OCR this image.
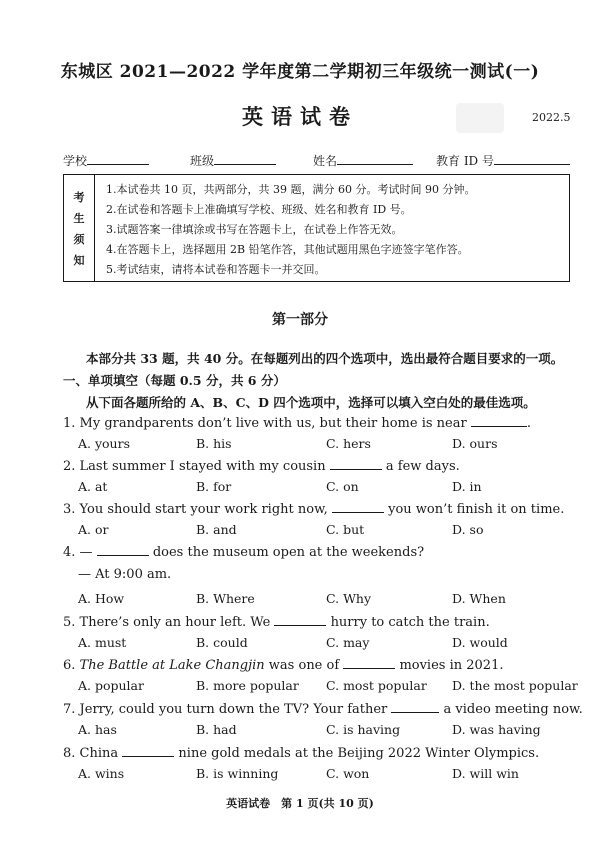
东城区 2021—2022 学年度第二学期初三年级统一测试(一)
英语试卷	2022.5
学校	班级	姓名	教育 ID 号
考
生
须
知
1.本试卷共 10 页，共两部分，共 39 题，满分 60 分。考试时间 90 分钟。
2.在试卷和答题卡上准确填写学校、班级、姓名和教育 ID 号。
3.试题答案一律填涂或书写在答题卡上，在试卷上作答无效。
4.在答题卡上，选择题用 2B 铅笔作答，其他试题用黑色字迹签字笔作答。
5.考试结束，请将本试卷和答题卡一并交回。
第一部分
本部分共 33 题，共 40 分。在每题列出的四个选项中，选出最符合题目要求的一项。
一、单项填空（每题 0.5 分，共 6 分）
从下面各题所给的 A、B、C、D 四个选项中，选择可以填入空白处的最佳选项。
1. My grandparents don’t live with us, but their home is near	.
A. yours	B. his	C. hers	D. ours
2. Last summer I stayed with my cousin	a few days.
A. at	B. for	C. on	D. in
3. You should start your work right now,	you won’t finish it on time.
A. or	B. and	C. but	D. so
4. —	does the museum open at the weekends?
— At 9:00 am.
A. How	B. Where	C. Why	D. When
5. There’s only an hour left. We	hurry to catch the train.
A. must	B. could	C. may	D. would
6. The Battle at Lake Changjin was one of	movies in 2021.
A. popular	B. more popular C. most popular D. the most popular
7. Jerry, could you turn down the TV? Your father	a video meeting now.
A. has	B. had	C. is having	D. was having
8. China	nine gold medals at the Beijing 2022 Winter Olympics.
A. wins	B. is winning	C. won	D. will win
英语试卷　第 1 页(共 10 页)
